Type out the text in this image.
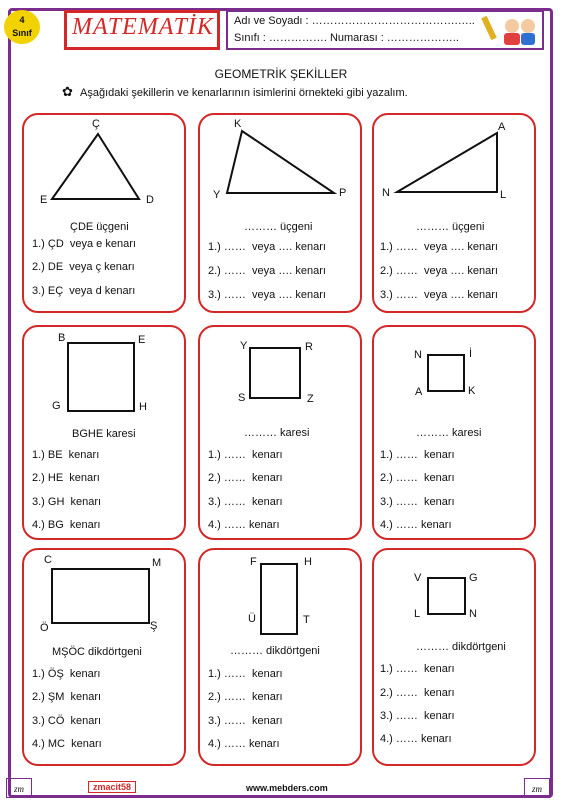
4
Sınıf	MATEMATİK Adı ve Soyadı : ………………………………….…..
Sınıfı : ……………. Numarası : ………………..
GEOMETRİK ŞEKİLLER
✿ Aşağıdaki şekillerin ve kenarlarının isimlerini örnekteki gibi yazalım.
Ç
E	D
ÇDE üçgeni
1.) ÇD  veya e kenarı
2.) DE  veya ç kenarı
3.) EÇ  veya d kenarı
K
Y	P
……… üçgeni
1.) ……  veya …. kenarı
2.) ……  veya …. kenarı
3.) ……  veya …. kenarı
A
N	L
……… üçgeni
1.) ……  veya …. kenarı
2.) ……  veya …. kenarı
3.) ……  veya …. kenarı
B	E
G	H
BGHE karesi
1.) BE  kenarı
2.) HE  kenarı
3.) GH  kenarı
4.) BG  kenarı
Y	R
S	Z
……… karesi
1.) ……  kenarı
2.) ……  kenarı
3.) ……  kenarı
4.) …… kenarı
N	İ
A	K
……… karesi
1.) ……  kenarı
2.) ……  kenarı
3.) ……  kenarı
4.) …… kenarı
C	M
Ö	Ş
MŞÖC dikdörtgeni
1.) ÖŞ  kenarı
2.) ŞM  kenarı
3.) CÖ  kenarı
4.) MC  kenarı
F	H
Ü	T
……… dikdörtgeni
1.) ……  kenarı
2.) ……  kenarı
3.) ……  kenarı
4.) …… kenarı
V	G
L	N
……… dikdörtgeni
1.) ……  kenarı
2.) ……  kenarı
3.) ……  kenarı
4.) …… kenarı
zm	zmacit58	www.mebders.com	zm
